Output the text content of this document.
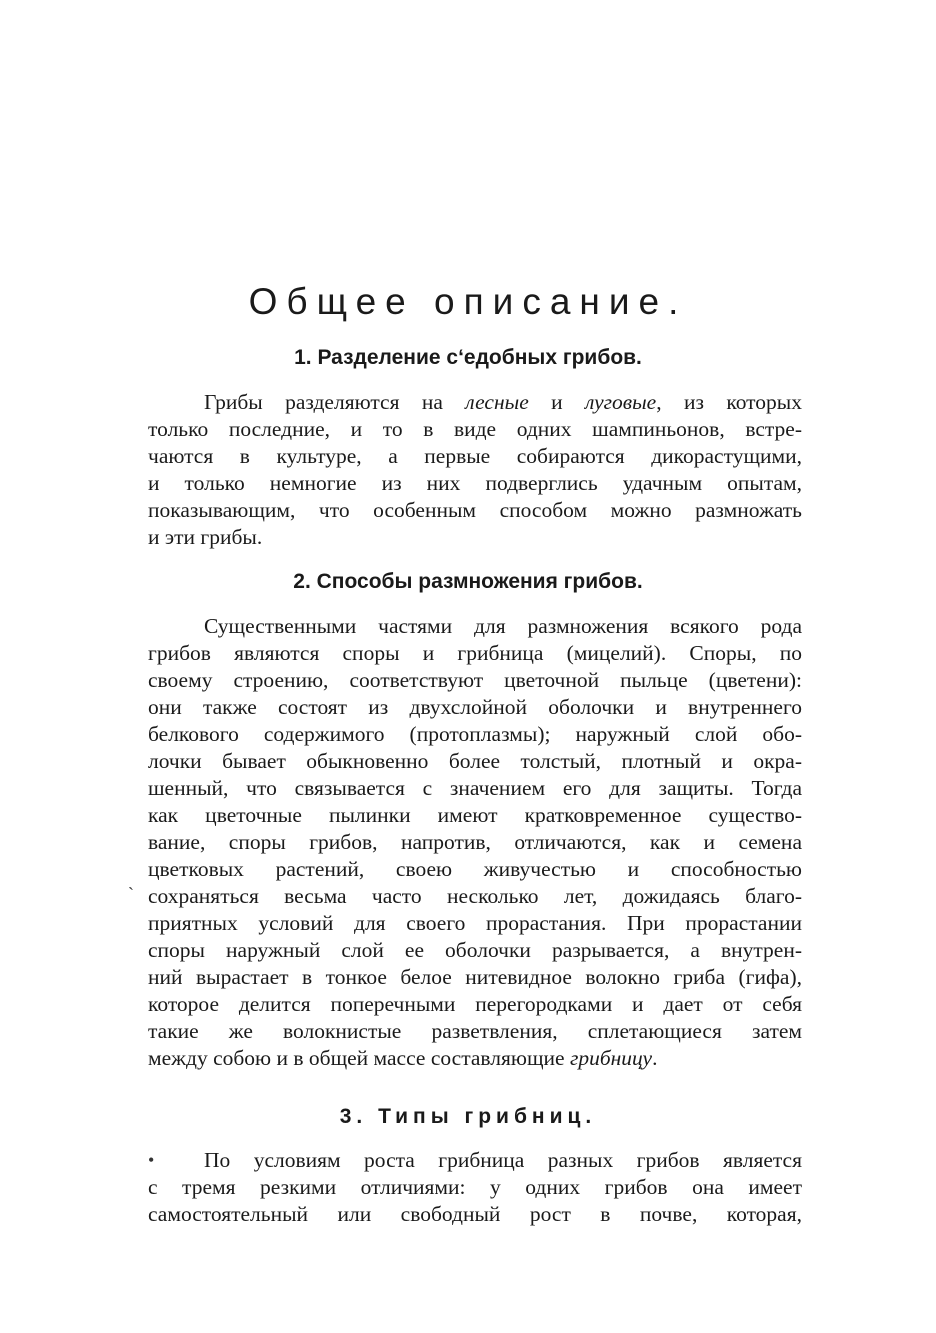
Общее описание.
1. Разделение с‘едобных грибов.
Грибы разделяются на лесные и луговые, из которых
только последние, и то в виде одних шампиньонов, встре-
чаются в культуре, а первые собираются дикорастущими,
и только немногие из них подверглись удачным опытам,
показывающим, что особенным способом можно размножать
и эти грибы.
2. Способы размножения грибов.
Существенными частями для размножения всякого рода
грибов являются споры и грибница (мицелий). Споры, по
своему строению, соответствуют цветочной пыльце (цветени):
они также состоят из двухслойной оболочки и внутреннего
белкового содержимого (протоплазмы); наружный слой обо-
лочки бывает обыкновенно более толстый, плотный и окра-
шенный, что связывается с значением его для защиты. Тогда
как цветочные пылинки имеют кратковременное существо-
вание, споры грибов, напротив, отличаются, как и семена
цветковых растений, своею живучестью и способностью
сохраняться весьма часто несколько лет, дожидаясь благо-
приятных условий для своего прорастания. При прорастании
споры наружный слой ее оболочки разрывается, а внутрен-
ний вырастает в тонкое белое нитевидное волокно гриба (гифа),
которое делится поперечными перегородками и дает от себя
такие же волокнистые разветвления, сплетающиеся затем
между собою и в общей массе составляющие грибницу.
3. Типы грибниц.
По условиям роста грибница разных грибов является
с тремя резкими отличиями: у одних грибов она имеет
самостоятельный или свободный рост в почве, которая,
`
•
